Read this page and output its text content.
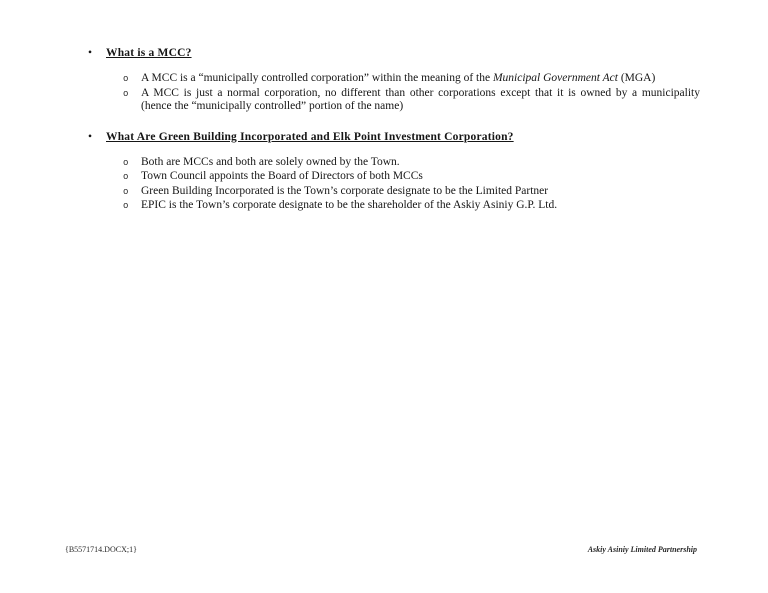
•	What is a MCC?
o	A MCC is a “municipally controlled corporation” within the meaning of the Municipal Government Act (MGA)
o	A MCC is just a normal corporation, no different than other corporations except that it is owned by a municipality
(hence the “municipally controlled” portion of the name)
•	What Are Green Building Incorporated and Elk Point Investment Corporation?
o	Both are MCCs and both are solely owned by the Town.
o	Town Council appoints the Board of Directors of both MCCs
o	Green Building Incorporated is the Town’s corporate designate to be the Limited Partner
o	EPIC is the Town’s corporate designate to be the shareholder of the Askiy Asiniy G.P. Ltd.
{B5571714.DOCX;1}	Askiy Asiniy Limited Partnership
